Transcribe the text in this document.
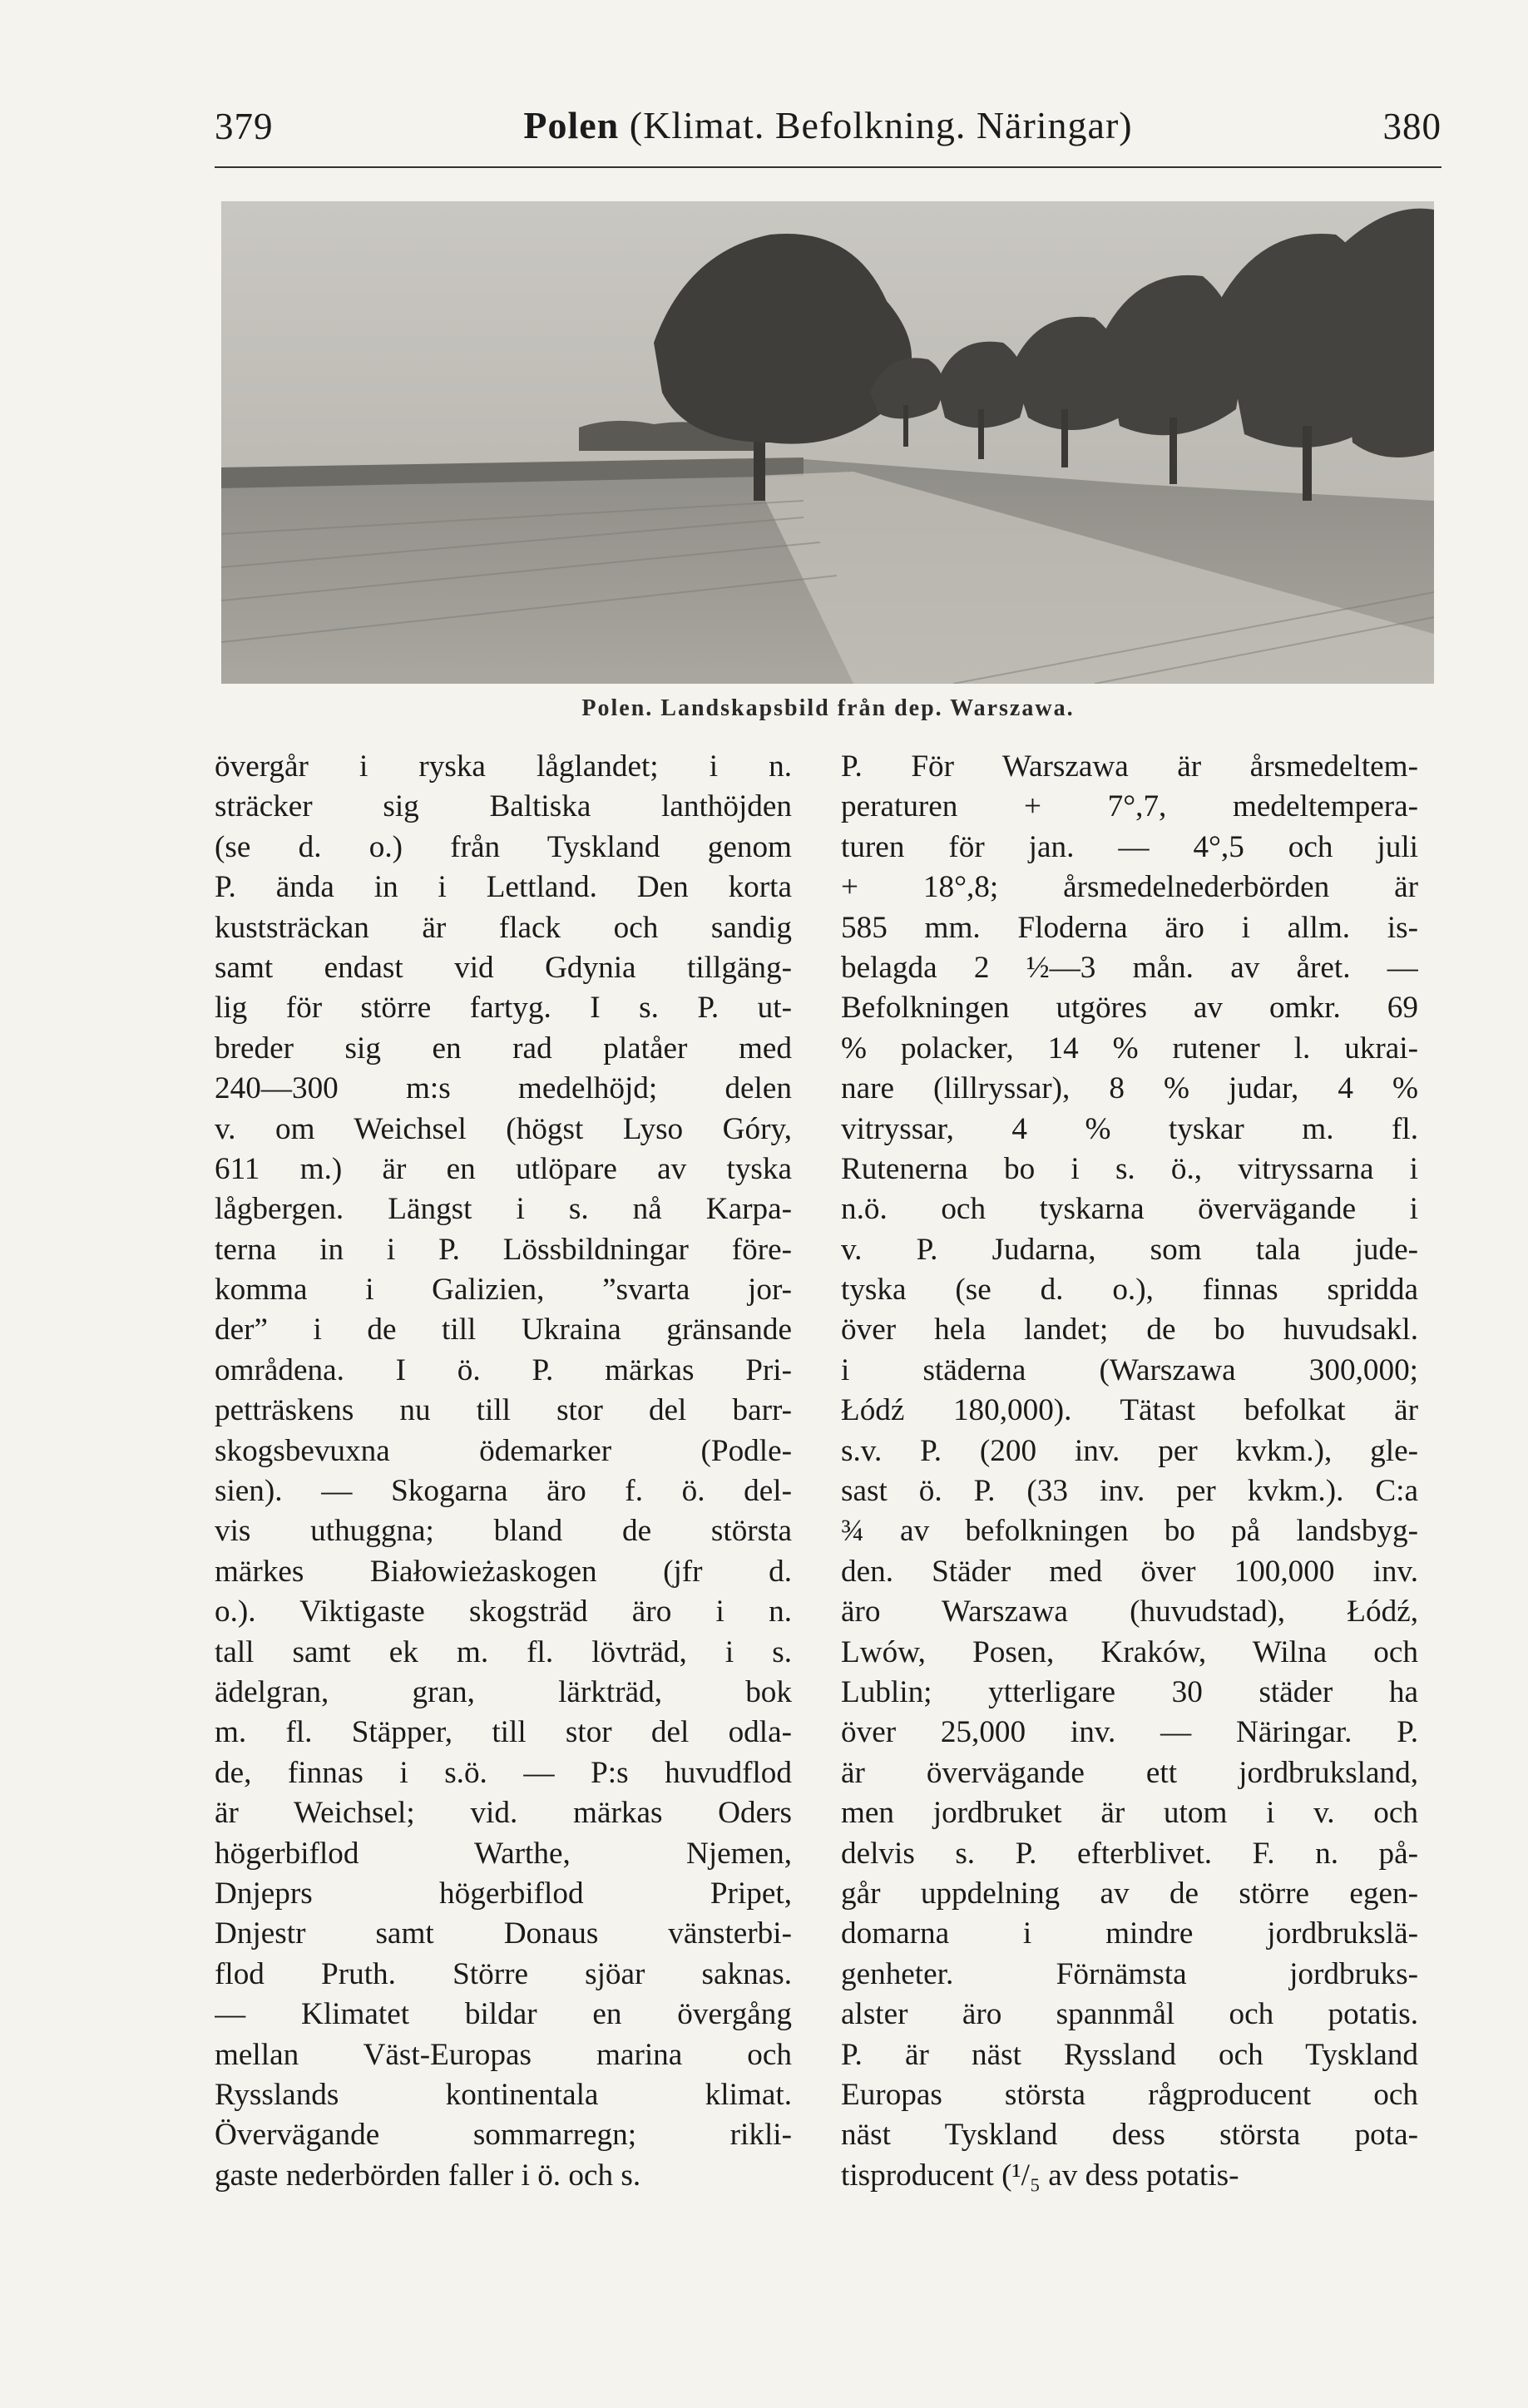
379	Polen (Klimat. Befolkning. Näringar)	380
Polen. Landskapsbild från dep. Warszawa.
övergår i ryska låglandet; i n.
sträcker sig Baltiska lanthöjden
(se d. o.) från Tyskland genom
P. ända in i Lettland. Den korta
kuststräckan är flack och sandig
samt endast vid Gdynia tillgäng-
lig för större fartyg. I s. P. ut-
breder sig en rad platåer med
240—300 m:s medelhöjd; delen
v. om Weichsel (högst Lyso Góry,
611 m.) är en utlöpare av tyska
lågbergen. Längst i s. nå Karpa-
terna in i P. Lössbildningar före-
komma i Galizien, ”svarta jor-
der” i de till Ukraina gränsande
områdena. I ö. P. märkas Pri-
petträskens nu till stor del barr-
skogsbevuxna ödemarker (Podle-
sien). — Skogarna äro f. ö. del-
vis uthuggna; bland de största
märkes Białowieżaskogen (jfr d.
o.). Viktigaste skogsträd äro i n.
tall samt ek m. fl. lövträd, i s.
ädelgran, gran, lärkträd, bok
m. fl. Stäpper, till stor del odla-
de, finnas i s.ö. — P:s huvudflod
är Weichsel; vid. märkas Oders
högerbiflod Warthe, Njemen,
Dnjeprs högerbiflod Pripet,
Dnjestr samt Donaus vänsterbi-
flod Pruth. Större sjöar saknas.
— Klimatet bildar en övergång
mellan Väst-Europas marina och
Rysslands kontinentala klimat.
Övervägande sommarregn; rikli-
gaste nederbörden faller i ö. och s.
P. För Warszawa är årsmedeltem-
peraturen + 7°,7, medeltempera-
turen för jan. — 4°,5 och juli
+ 18°,8; årsmedelnederbörden är
585 mm. Floderna äro i allm. is-
belagda 2 ½—3 mån. av året. —
Befolkningen utgöres av omkr. 69
% polacker, 14 % rutener l. ukrai-
nare (lillryssar), 8 % judar, 4 %
vitryssar, 4 % tyskar m. fl.
Rutenerna bo i s. ö., vitryssarna i
n.ö. och tyskarna övervägande i
v. P. Judarna, som tala jude-
tyska (se d. o.), finnas spridda
över hela landet; de bo huvudsakl.
i städerna (Warszawa 300,000;
Łódź 180,000). Tätast befolkat är
s.v. P. (200 inv. per kvkm.), gle-
sast ö. P. (33 inv. per kvkm.). C:a
¾ av befolkningen bo på landsbyg-
den. Städer med över 100,000 inv.
äro Warszawa (huvudstad), Łódź,
Lwów, Posen, Kraków, Wilna och
Lublin; ytterligare 30 städer ha
över 25,000 inv. — Näringar. P.
är övervägande ett jordbruksland,
men jordbruket är utom i v. och
delvis s. P. efterblivet. F. n. på-
går uppdelning av de större egen-
domarna i mindre jordbrukslä-
genheter. Förnämsta jordbruks-
alster äro spannmål och potatis.
P. är näst Ryssland och Tyskland
Europas största rågproducent och
näst Tyskland dess största pota-
tisproducent (¹/₅ av dess potatis-
